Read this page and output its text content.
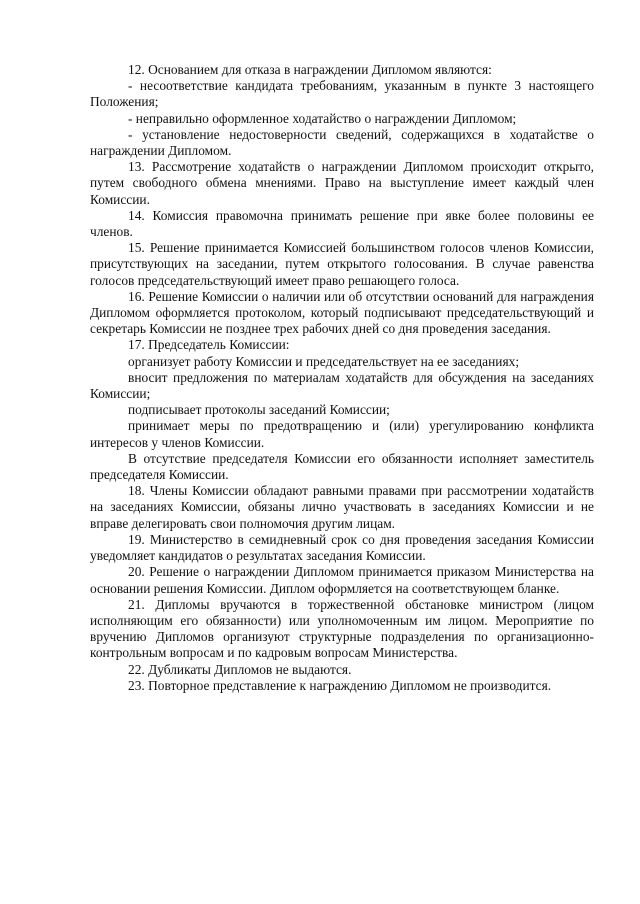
12. Основанием для отказа в награждении Дипломом являются:

- несоответствие кандидата требованиям, указанным в пункте 3 настоящего Положения;

- неправильно оформленное ходатайство о награждении Дипломом;

- установление недостоверности сведений, содержащихся в ходатайстве о награждении Дипломом.

13. Рассмотрение ходатайств о награждении Дипломом происходит открыто, путем свободного обмена мнениями. Право на выступление имеет каждый член Комиссии.

14. Комиссия правомочна принимать решение при явке более половины ее членов.

15. Решение принимается Комиссией большинством голосов членов Комиссии, присутствующих на заседании, путем открытого голосования. В случае равенства голосов председательствующий имеет право решающего голоса.

16. Решение Комиссии о наличии или об отсутствии оснований для награждения Дипломом оформляется протоколом, который подписывают председательствующий и секретарь Комиссии не позднее трех рабочих дней со дня проведения заседания.

17. Председатель Комиссии:

организует работу Комиссии и председательствует на ее заседаниях;

вносит предложения по материалам ходатайств для обсуждения на заседаниях Комиссии;

подписывает протоколы заседаний Комиссии;

принимает меры по предотвращению и (или) урегулированию конфликта интересов у членов Комиссии.

В отсутствие председателя Комиссии его обязанности исполняет заместитель председателя Комиссии.

18. Члены Комиссии обладают равными правами при рассмотрении ходатайств на заседаниях Комиссии, обязаны лично участвовать в заседаниях Комиссии и не вправе делегировать свои полномочия другим лицам.

19. Министерство в семидневный срок со дня проведения заседания Комиссии уведомляет кандидатов о результатах заседания Комиссии.

20. Решение о награждении Дипломом принимается приказом Министерства на основании решения Комиссии. Диплом оформляется на соответствующем бланке.

21. Дипломы вручаются в торжественной обстановке министром (лицом исполняющим его обязанности) или уполномоченным им лицом. Мероприятие по вручению Дипломов организуют структурные подразделения по организационно-контрольным вопросам и по кадровым вопросам Министерства.

22. Дубликаты Дипломов не выдаются.

23. Повторное представление к награждению Дипломом не производится.
